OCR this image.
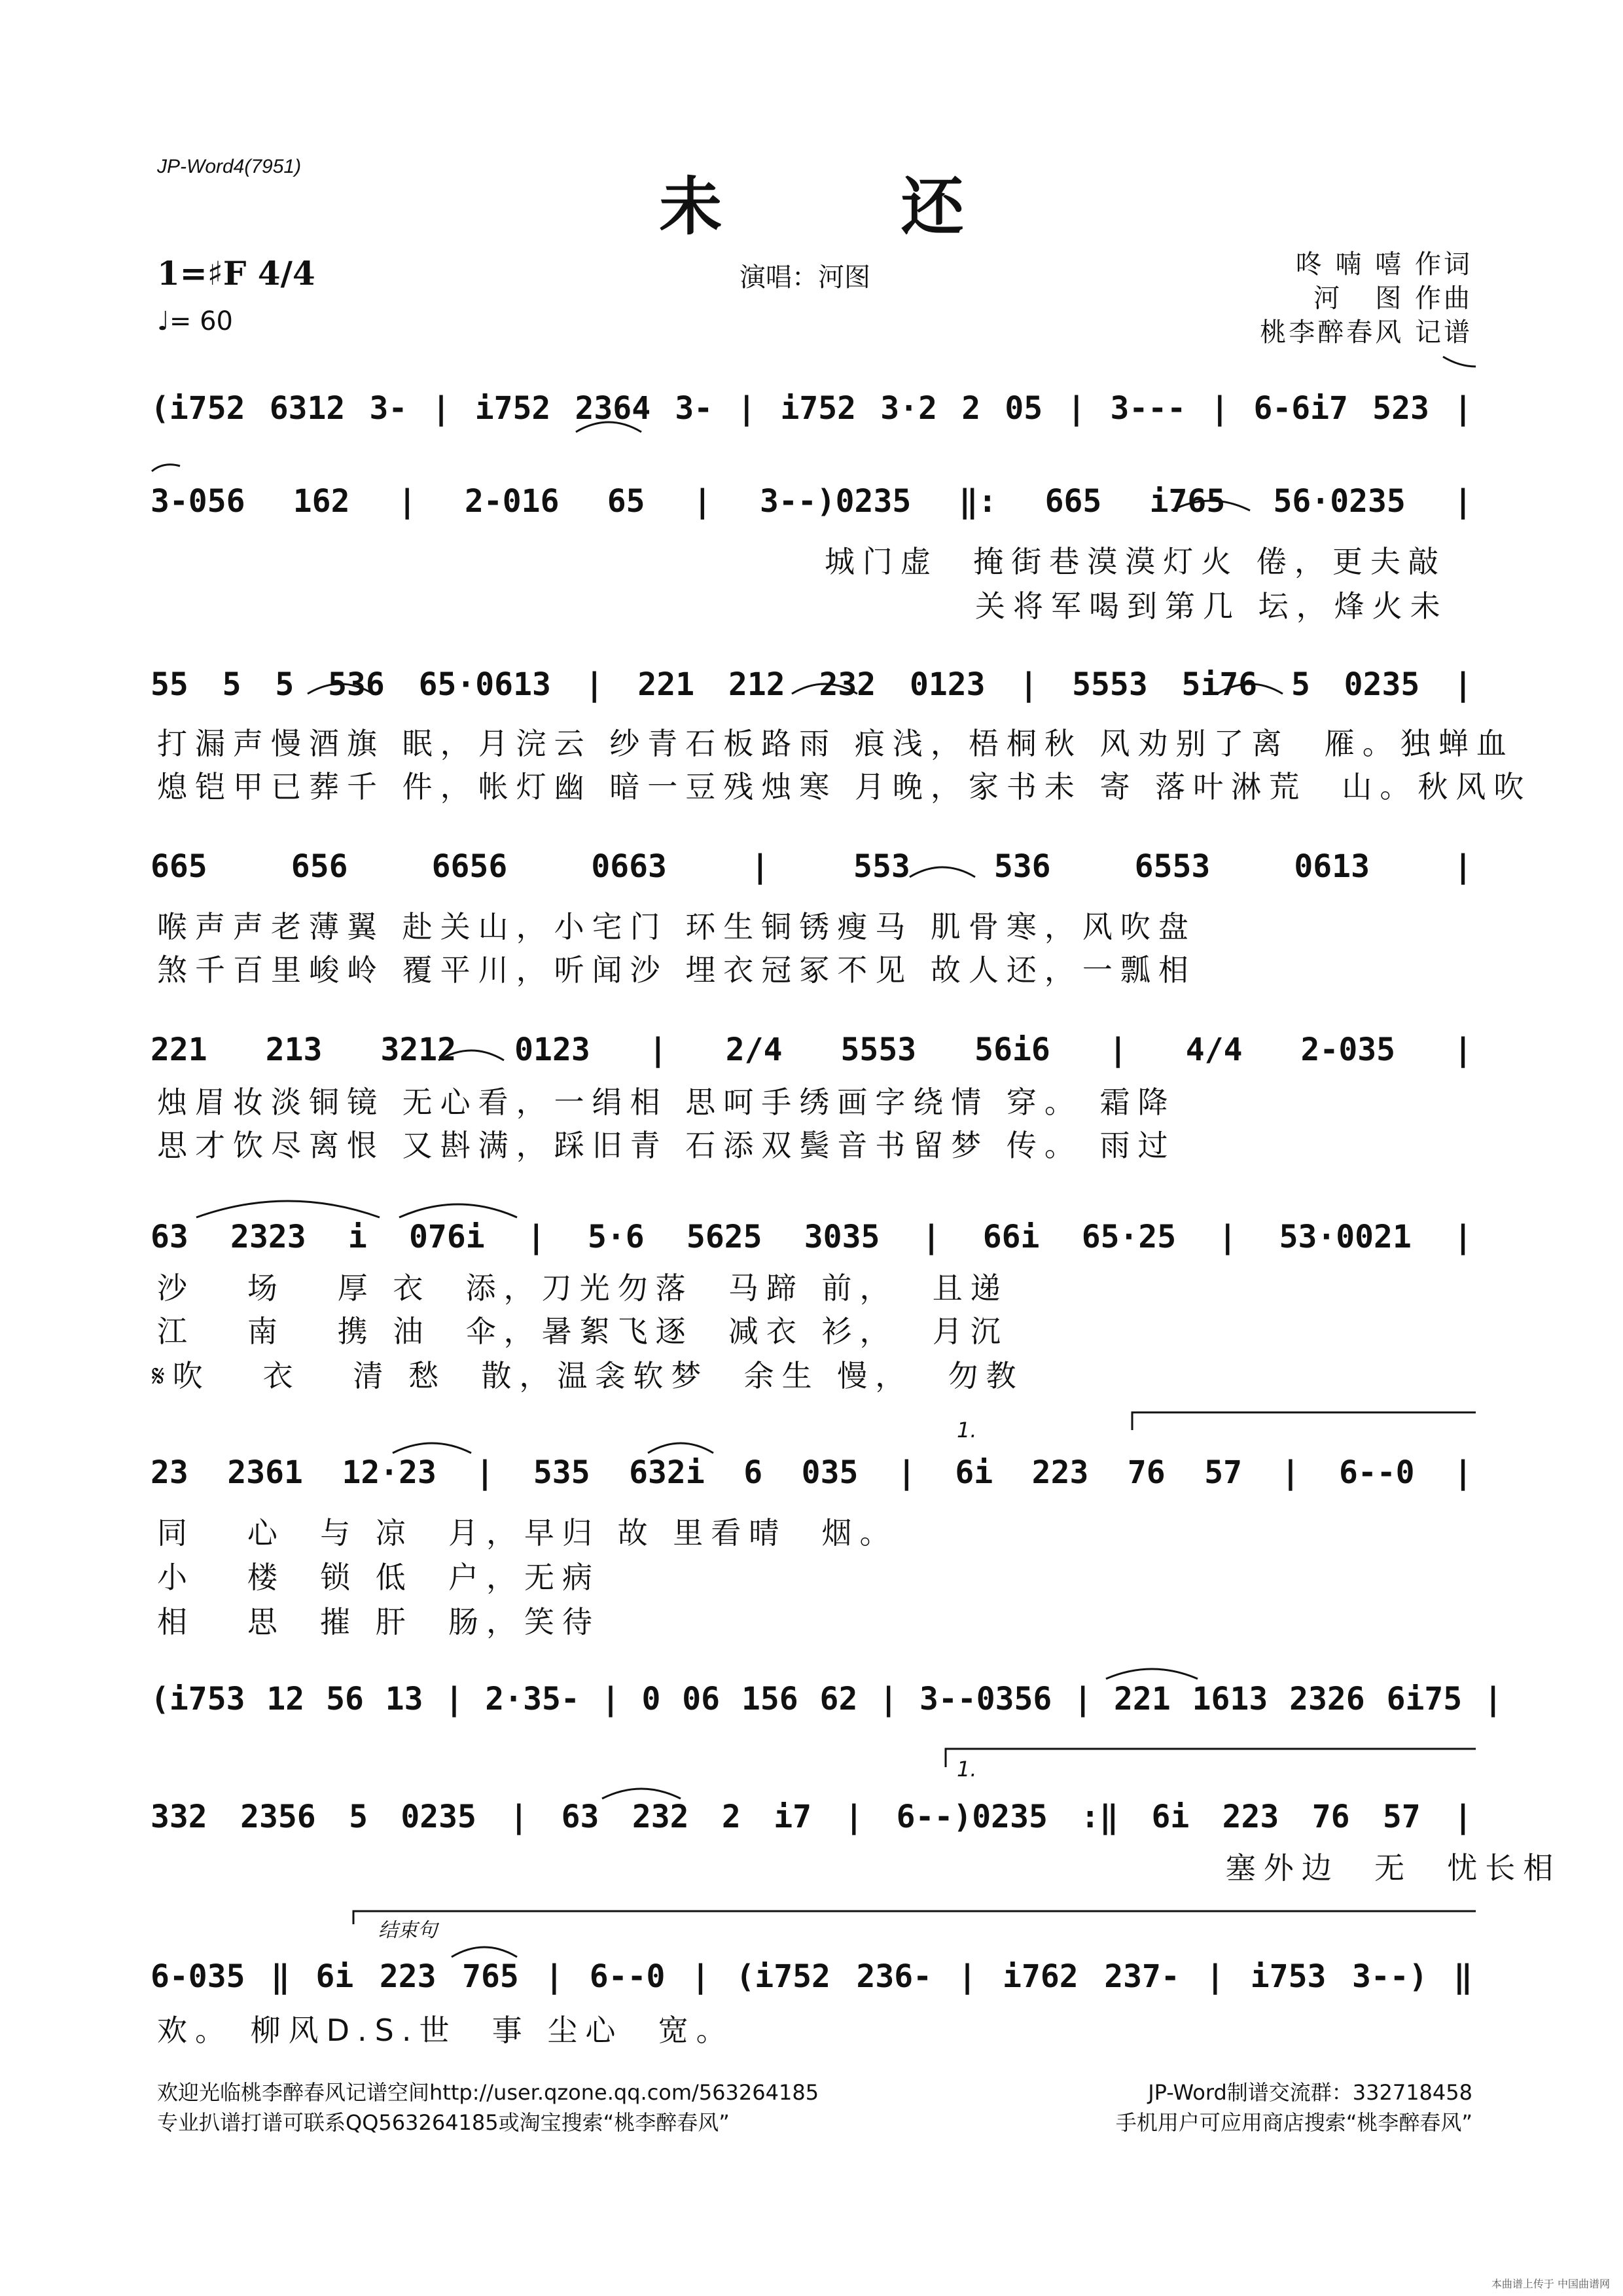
JP-Word4(7951)
未 还
1=♯F 4/4
♩= 60
演唱：河图	咚 喃 嘻 作词
河   图 作曲
桃李醉春风 记谱
(i752 6312 3- | i752 2364 3- | i752 3·2 2 05 | 3--- | 6-6i7 523 |
3-056 162 | 2-016 65 | 3--)0235 ‖: 665 i765 56·0235 |
城门虚  掩街巷漠漠灯火 倦，更夫敲
关将军喝到第几 坛，烽火未
55 5 5 536 65·0613 | 221 212 232 0123 | 5553 5i76 5 0235 |
打漏声慢酒旗 眠，月浣云 纱青石板路雨 痕浅，梧桐秋 风劝别了离  雁。独蝉血
熄铠甲已葬千 件，帐灯幽 暗一豆残烛寒 月晚，家书未 寄 落叶淋荒  山。秋风吹
665 656 6656 0663 | 553 536 6553 0613 |
喉声声老薄翼 赴关山，小宅门 环生铜锈瘦马 肌骨寒，风吹盘
煞千百里峻岭 覆平川，听闻沙 埋衣冠冢不见 故人还，一瓢相
221 213 3212 0123 | 2/4 5553 56i6 | 4/4 2-035 |
烛眉妆淡铜镜 无心看，一绢相 思呵手绣画字绕情 穿。 霜降
思才饮尽离恨 又斟满，踩旧青 石添双鬓音书留梦 传。 雨过
63 2323 i 076i | 5·6 5625 3035 | 66i 65·25 | 53·0021 |
沙   场   厚 衣  添，刀光勿落  马蹄 前，  且递
江   南   携 油  伞，暑絮飞逐  减衣 衫，  月沉
𝄋吹   衣   清 愁  散，温衾软梦  余生 慢，  勿教
23 2361 12·23 | 535 632i 6 035 | 6i 223 76 57 | 6--0 |
同   心  与 凉  月，早归 故 里看晴  烟。
小   楼  锁 低  户，无病
相   思  摧 肝  肠，笑待
(i753 12 56 13 | 2·35- | 0 06 156 62 | 3--0356 | 221 1613 2326 6i75 |
332 2356 5 0235 | 63 232 2 i7 | 6--)0235 :‖ 6i 223 76 57 |
塞外边  无  忧长相
6-035 ‖ 6i 223 765 | 6--0 | (i752 236- | i762 237- | i753 3--) ‖
欢。 柳风D.S.世  事 尘心  宽。
1.
1.
结束句
欢迎光临桃李醉春风记谱空间http://user.qzone.qq.com/563264185
专业扒谱打谱可联系QQ563264185或淘宝搜索“桃李醉春风”
JP-Word制谱交流群：332718458
手机用户可应用商店搜索“桃李醉春风”
本曲谱上传于 中国曲谱网
